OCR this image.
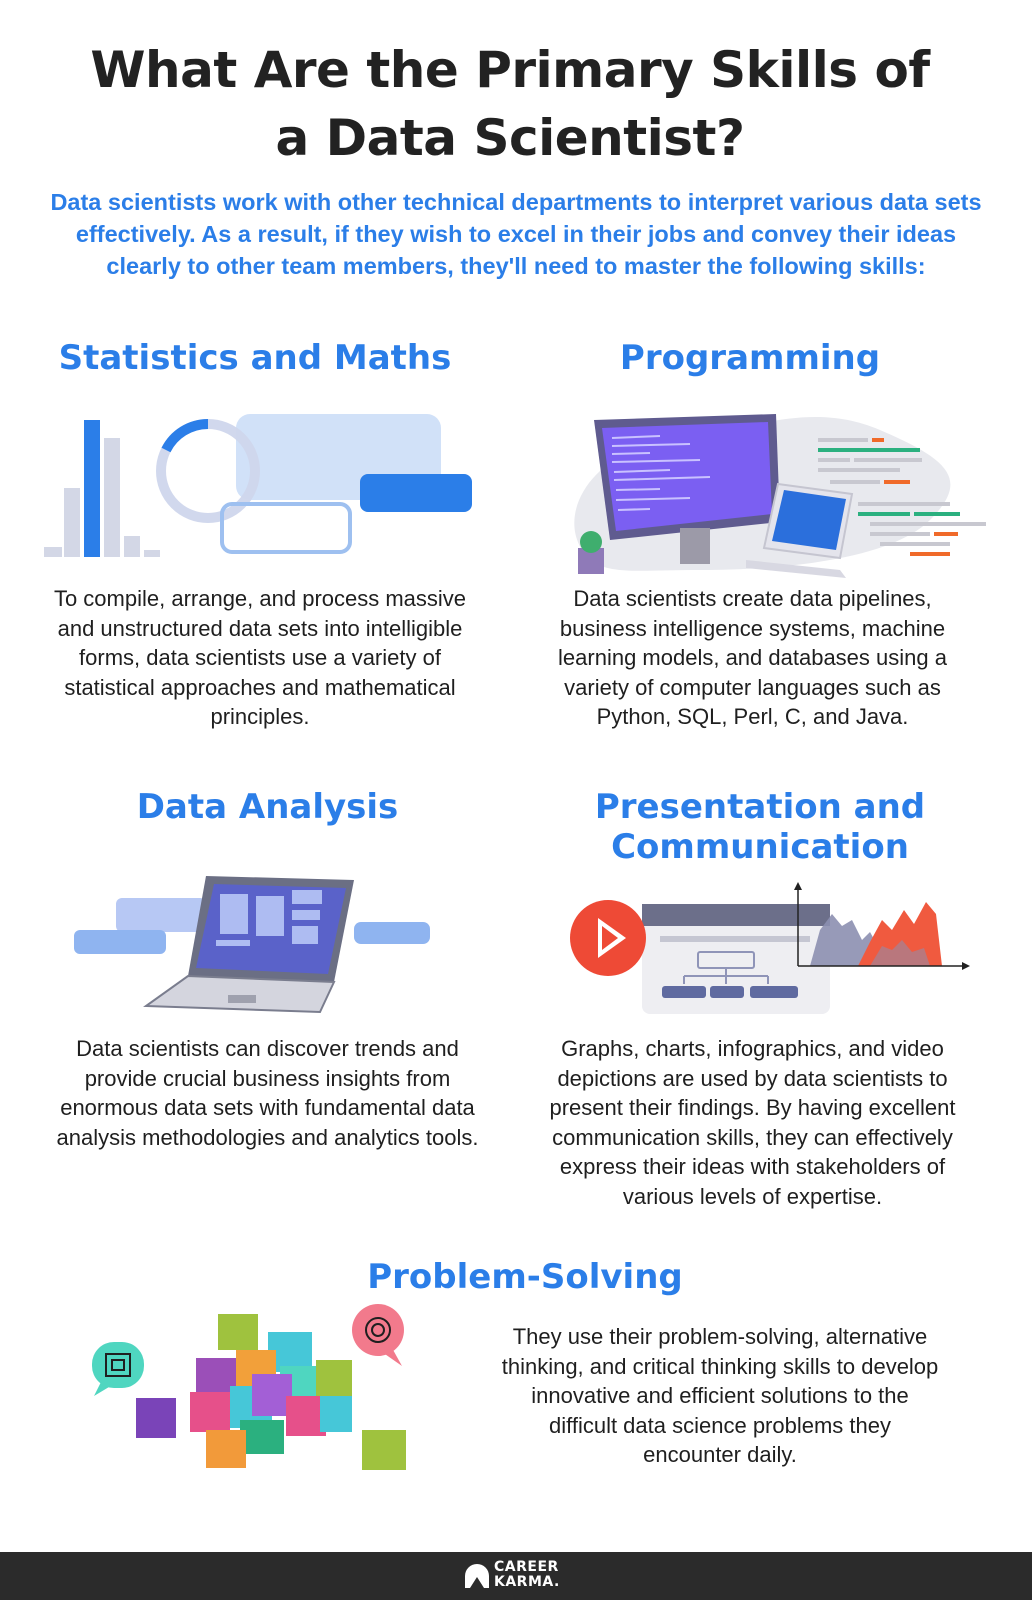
What Are the Primary Skills of
a Data Scientist?
Data scientists work with other technical departments to interpret various data sets effectively. As a result, if they wish to excel in their jobs and convey their ideas clearly to other team members, they'll need to master the following skills:
Statistics and Maths
To compile, arrange, and process massive and unstructured data sets into intelligible forms, data scientists use a variety of statistical approaches and mathematical principles.
Programming
Data scientists create data pipelines, business intelligence systems, machine learning models, and databases using a variety of computer languages such as Python, SQL, Perl, C, and Java.
Data Analysis
Data scientists can discover trends and provide crucial business insights from enormous data sets with fundamental data analysis methodologies and analytics tools.
Presentation and
Communication
Graphs, charts, infographics, and video depictions are used by data scientists to present their findings. By having excellent communication skills, they can effectively express their ideas with stakeholders of various levels of expertise.
Problem-Solving
They use their problem-solving, alternative thinking, and critical thinking skills to develop innovative and efficient solutions to the difficult data science problems they encounter daily.
CAREER
KARMA.
